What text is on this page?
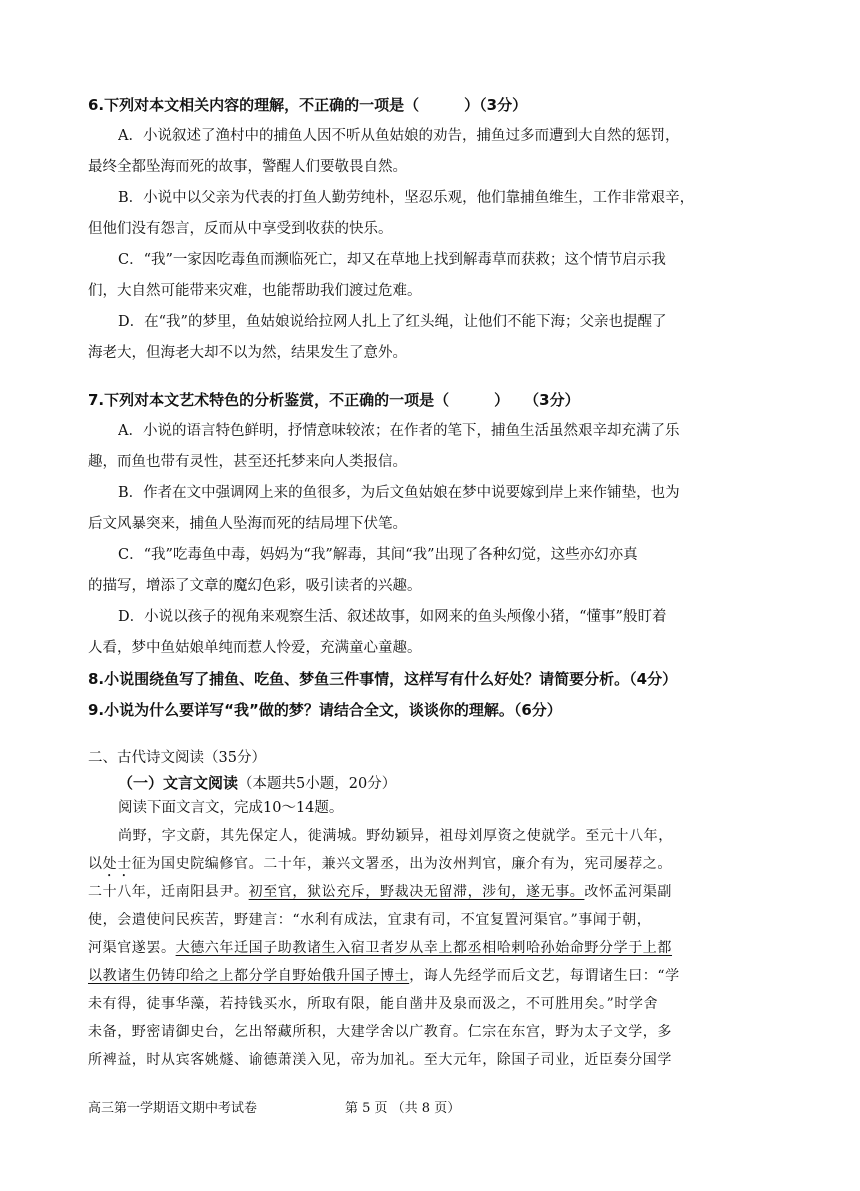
6.下列对本文相关内容的理解，不正确的一项是（　　　）（3分）
A．小说叙述了渔村中的捕鱼人因不听从鱼姑娘的劝告，捕鱼过多而遭到大自然的惩罚，
最终全都坠海而死的故事，警醒人们要敬畏自然。
B．小说中以父亲为代表的打鱼人勤劳纯朴，坚忍乐观，他们靠捕鱼维生，工作非常艰辛，
但他们没有怨言，反而从中享受到收获的快乐。
C．“我”一家因吃毒鱼而濒临死亡，却又在草地上找到解毒草而获救；这个情节启示我
们，大自然可能带来灾难，也能帮助我们渡过危难。
D．在“我”的梦里，鱼姑娘说给拉网人扎上了红头绳，让他们不能下海；父亲也提醒了
海老大，但海老大却不以为然，结果发生了意外。
7.下列对本文艺术特色的分析鉴赏，不正确的一项是（　　　）　　（3分）
A．小说的语言特色鲜明，抒情意味较浓；在作者的笔下，捕鱼生活虽然艰辛却充满了乐
趣，而鱼也带有灵性，甚至还托梦来向人类报信。
B．作者在文中强调网上来的鱼很多，为后文鱼姑娘在梦中说要嫁到岸上来作铺垫，也为
后文风暴突来，捕鱼人坠海而死的结局埋下伏笔。
C．“我”吃毒鱼中毒，妈妈为“我”解毒，其间“我”出现了各种幻觉，这些亦幻亦真
的描写，增添了文章的魔幻色彩，吸引读者的兴趣。
D．小说以孩子的视角来观察生活、叙述故事，如网来的鱼头颅像小猪，“懂事”般盯着
人看，梦中鱼姑娘单纯而惹人怜爱，充满童心童趣。
8.小说围绕鱼写了捕鱼、吃鱼、梦鱼三件事情，这样写有什么好处？请简要分析。（4分）
9.小说为什么要详写“我”做的梦？请结合全文，谈谈你的理解。（6分）
二、古代诗文阅读（35分）
（一）文言文阅读（本题共5小题，20分）
阅读下面文言文，完成10～14题。
尚野，字文蔚，其先保定人，徙满城。野幼颖异，祖母刘厚资之使就学。至元十八年，
以处士征为国史院编修官。二十年，兼兴文署丞，出为汝州判官，廉介有为，宪司屡荐之。
二十八年，迁南阳县尹。初至官，狱讼充斥，野裁决无留滞，涉旬，遂无事。改怀孟河渠副
使，会遣使问民疾苦，野建言：“水利有成法，宜隶有司，不宜复置河渠官。”事闻于朝，
河渠官遂罢。大德六年迁国子助教诸生入宿卫者岁从幸上都丞相哈剌哈孙始命野分学于上都
以教诸生仍铸印给之上都分学自野始俄升国子博士，诲人先经学而后文艺，每谓诸生曰：“学
未有得，徒事华藻，若持钱买水，所取有限，能自凿井及泉而汲之，不可胜用矣。”时学舍
未备，野密请御史台，乞出帑藏所积，大建学舍以广教育。仁宗在东宫，野为太子文学，多
所裨益，时从宾客姚燧、谕德萧渼入见，帝为加礼。至大元年，除国子司业，近臣奏分国学
高三第一学期语文期中考试卷	第 5 页 （共 8 页）
